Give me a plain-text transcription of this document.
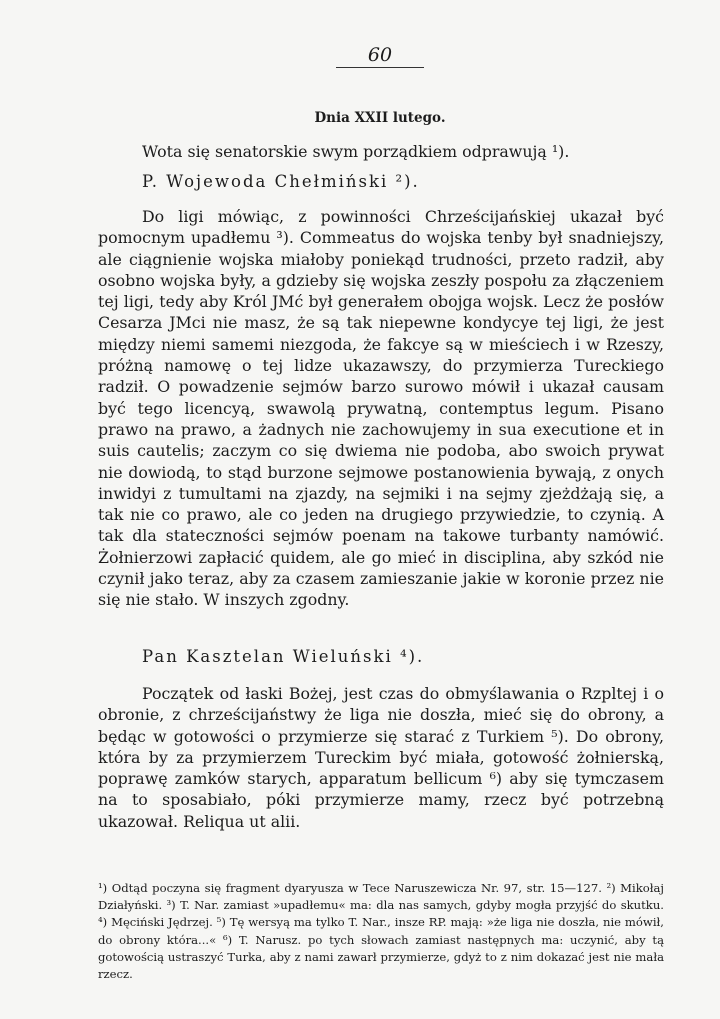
60
Dnia XXII lutego.
Wota się senatorskie swym porządkiem odprawują ¹).
P. Wojewoda Chełmiński ²).
Do ligi mówiąc, z powinności Chrześcijańskiej ukazał być pomocnym upadłemu ³). Commeatus do wojska tenby był snadniejszy, ale ciągnienie wojska miałoby poniekąd trudności, przeto radził, aby osobno wojska były, a gdzieby się wojska zeszły pospołu za złączeniem tej ligi, tedy aby Król JMć był generałem obojga wojsk. Lecz że posłów Cesarza JMci nie masz, że są tak niepewne kondycye tej ligi, że jest między niemi samemi niezgoda, że fakcye są w mieściech i w Rzeszy, próżną namowę o tej lidze ukazawszy, do przymierza Tureckiego radził. O powadzenie sejmów barzo surowo mówił i ukazał causam być tego licencyą, swawolą prywatną, contemptus legum. Pisano prawo na prawo, a żadnych nie zachowujemy in sua executione et in suis cautelis; zaczym co się dwiema nie podoba, abo swoich prywat nie dowiodą, to stąd burzone sejmowe postanowienia bywają, z onych inwidyi z tumultami na zjazdy, na sejmiki i na sejmy zjeżdżają się, a tak nie co prawo, ale co jeden na drugiego przywiedzie, to czynią. A tak dla stateczności sejmów poenam na takowe turbanty namówić. Żołnierzowi zapłacić quidem, ale go mieć in disciplina, aby szkód nie czynił jako teraz, aby za czasem zamieszanie jakie w koronie przez nie się nie stało. W inszych zgodny.
Pan Kasztelan Wieluński ⁴).
Początek od łaski Bożej, jest czas do obmyślawania o Rzpltej i o obronie, z chrześcijaństwy że liga nie doszła, mieć się do obrony, a będąc w gotowości o przymierze się starać z Turkiem ⁵). Do obrony, która by za przymierzem Tureckim być miała, gotowość żołnierską, poprawę zamków starych, apparatum bellicum ⁶) aby się tymczasem na to sposabiało, póki przymierze mamy, rzecz być potrzebną ukazował. Reliqua ut alii.
¹) Odtąd poczyna się fragment dyaryusza w Tece Naruszewicza Nr. 97, str. 15—127. ²) Mikołaj Działyński. ³) T. Nar. zamiast »upadłemu« ma: dla nas samych, gdyby mogła przyjść do skutku. ⁴) Męciński Jędrzej. ⁵) Tę wersyą ma tylko T. Nar., insze RP. mają: »że liga nie doszła, nie mówił, do obrony która...« ⁶) T. Narusz. po tych słowach zamiast następnych ma: uczynić, aby tą gotowością ustraszyć Turka, aby z nami zawarł przymierze, gdyż to z nim dokazać jest nie mała rzecz.
